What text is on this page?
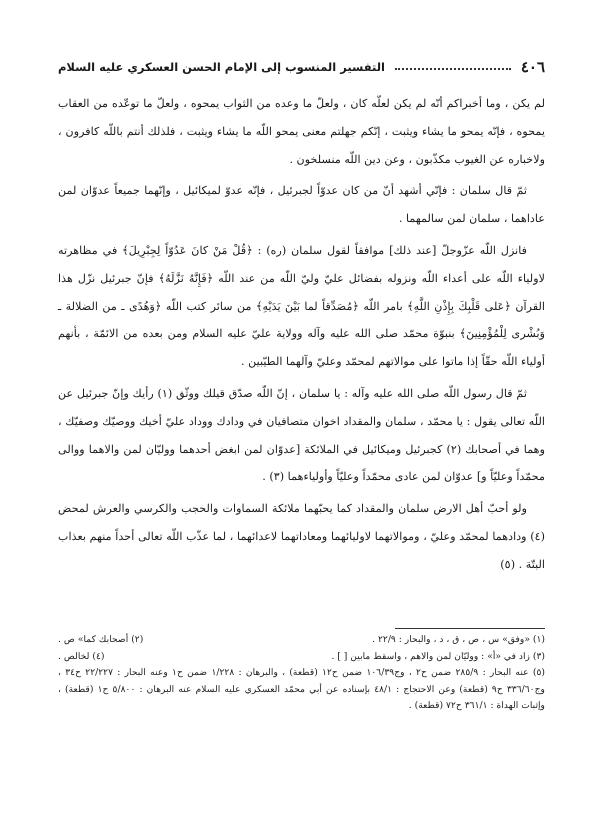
٤٠٦
التفسير المنسوب إلى الإمام الحسن العسكري عليه السلام

لم يكن ، وما أخبراكم أنّه لم يكن لعلّه كان ، ولعلّ ما وعده من الثواب يمحوه ، ولعلّ ما توعّده من العقاب يمحوه ، فإنّه يمحو ما يشاء ويثبت ، إنّكم جهلتم معنى يمحو اللّه ما يشاء ويثبت ، فلذلك أنتم باللّه كافرون ، ولاخباره عن الغيوب مكذّبون ، وعن دين اللّه منسلخون .

ثمّ قال سلمان : فإنّي أشهد أنّ من كان عدوّاً لجبرئيل ، فإنّه عدوّ لميكائيل ، وإنّهما جميعاً عدوّان لمن عاداهما ، سلمان لمن سالمهما .

فانزل اللّه عزّوجلّ [عند ذلك] موافقاً لقول سلمان (ره) : ﴿قُلْ مَنْ كانَ عَدُوّاً لِجِبْرِيلَ﴾ في مظاهرته لاولياء اللّه على أعداء اللّه ونزوله بفضائل عليّ وليّ اللّه من عند اللّه ﴿فَإِنَّهُ نَزَّلَهُ﴾ فإنّ جبرئيل نزّل هذا القرآن ﴿عَلى قَلْبِكَ بِإِذْنِ اللَّهِ﴾ بامر اللّه ﴿مُصَدِّقاً لما بَيْنَ يَدَيْهِ﴾ من سائر كتب اللّه ﴿وَهُدًى ـ من الضلالة ـ وَبُشْرى لِلْمُؤْمِنِينَ﴾ بنبوّة محمّد صلى الله عليه وآله وولاية عليّ عليه السلام ومن بعده من الائمّة ، بأنهم أولياء اللّه حقّاً إذا ماتوا على موالاتهم لمحمّد وعليّ وآلهما الطيّبين .

ثمّ قال رسول اللّه صلى الله عليه وآله : يا سلمان ، إنّ اللّه صدّق قيلك ووثّق (١) رأيك وإنّ جبرئيل عن اللّه تعالى يقول : يا محمّد ، سلمان والمقداد اخوان متصافيان في ودادك ووداد عليّ أخيك ووصيّك وصفيّك ، وهما في أصحابك (٢) كجبرئيل وميكائيل في الملائكة [عدوّان لمن ابغض أحدهما ووليّان لمن والاهما ووالى محمّداً وعليّاً و] عدوّان لمن عادى محمّداً وعليّاً وأولياءهما (٣) .

ولو أحبّ أهل الارض سلمان والمقداد كما يحبّهما ملائكة السماوات والحجب والكرسي والعرش لمحض (٤) ودادهما لمحمّد وعليّ ، وموالاتهما لاوليائهما ومعاداتهما لاعدائهما ، لما عذّب اللّه تعالى أحداً منهم بعذاب البتّة . (٥)

(١) «وفق» س ، ص ، ق ، د ، والبحار : ٢٢/٩ .
(٢) أصحابك كما» ص .
(٣) زاد في «أ» : ووليّان لمن والاهم ، واسقط مابين [ ] .
(٤) لخالص .
(٥) عنه البحار : ٢٨٥/٩ ضمن ح٢ ، وج١٠٦/٣٩ ضمن ح١٢ (قطعة) ، والبرهان : ١/٢٢٨ ضمن ح١ وعنه البحار : ٢٢/٢٢٧ ح٣٤ ، وج٣٣٦/٦٠ ح٩ (قطعة) وعن الاحتجاج : ٤٨/١ بإسناده عن أبي محمّد العسكري عليه السلام عنه البرهان : ٥/٨٠٠ ح١ (قطعة) ، وإثبات الهداة : ٣٦١/١ ح٧٢ (قطعة) .
